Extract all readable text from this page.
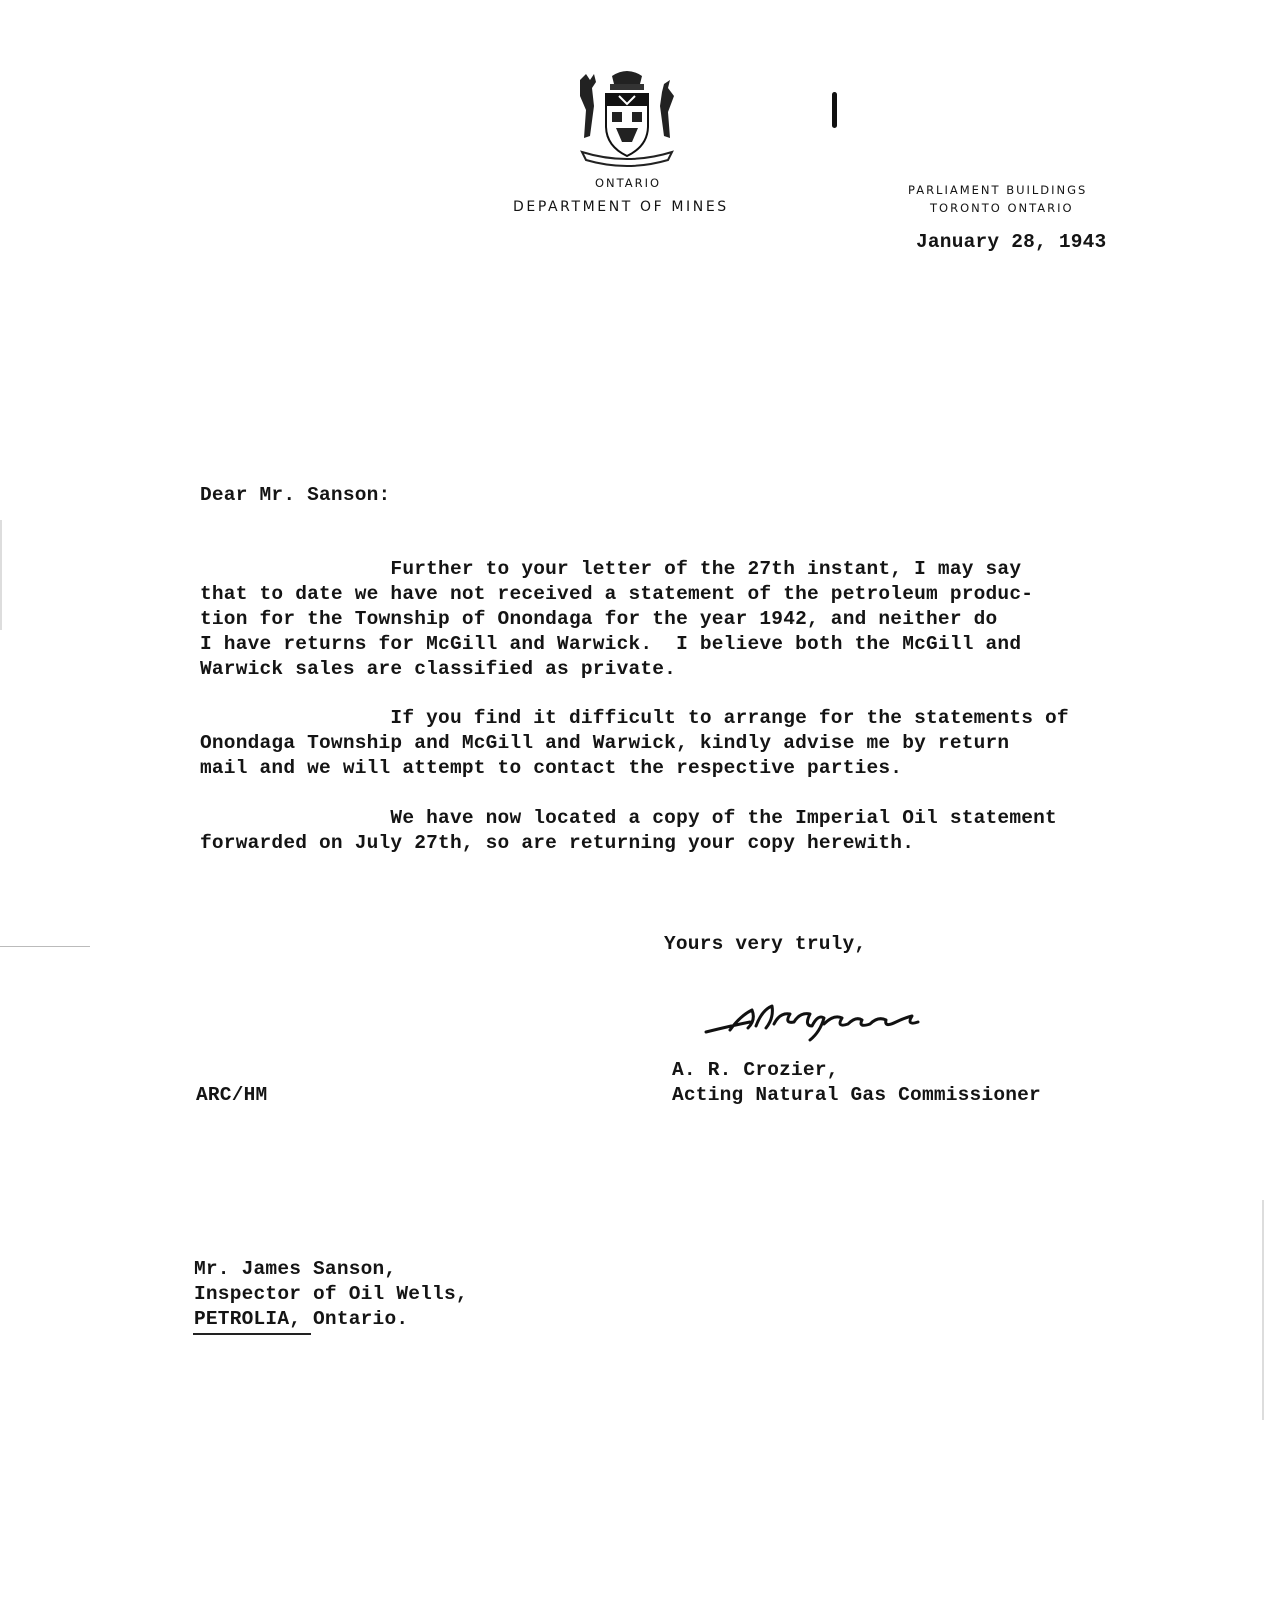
ONTARIO
DEPARTMENT OF MINES
PARLIAMENT BUILDINGS
TORONTO ONTARIO
January 28, 1943
Dear Mr. Sanson:
Further to your letter of the 27th instant, I may say
that to date we have not received a statement of the petroleum produc-
tion for the Township of Onondaga for the year 1942, and neither do
I have returns for McGill and Warwick.  I believe both the McGill and
Warwick sales are classified as private.
If you find it difficult to arrange for the statements of
Onondaga Township and McGill and Warwick, kindly advise me by return
mail and we will attempt to contact the respective parties.
We have now located a copy of the Imperial Oil statement
forwarded on July 27th, so are returning your copy herewith.
Yours very truly,
A. R. Crozier,
Acting Natural Gas Commissioner
ARC/HM
Mr. James Sanson,
Inspector of Oil Wells,
PETROLIA, Ontario.
